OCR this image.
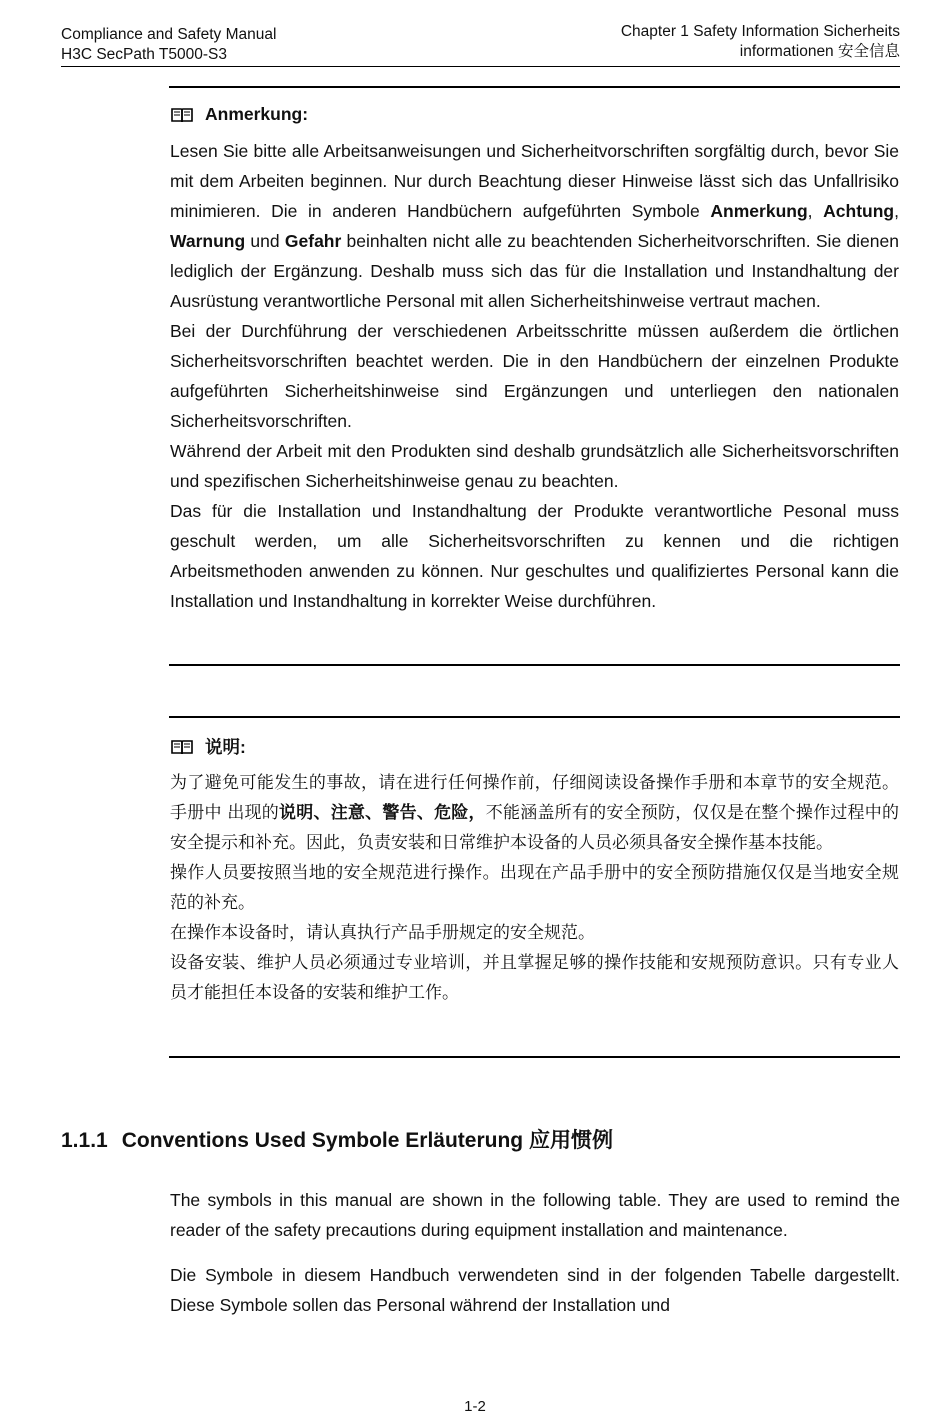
Compliance and Safety Manual
H3C SecPath T5000-S3
Chapter 1 Safety Information Sicherheits
informationen 安全信息
Anmerkung:

Lesen Sie bitte alle Arbeitsanweisungen und Sicherheitvorschriften sorgfältig durch, bevor Sie mit dem Arbeiten beginnen. Nur durch Beachtung dieser Hinweise lässt sich das Unfallrisiko minimieren. Die in anderen Handbüchern aufgeführten Symbole Anmerkung, Achtung, Warnung und Gefahr beinhalten nicht alle zu beachtenden Sicherheitvorschriften. Sie dienen lediglich der Ergänzung. Deshalb muss sich das für die Installation und Instandhaltung der Ausrüstung verantwortliche Personal mit allen Sicherheitshinweise vertraut machen.

Bei der Durchführung der verschiedenen Arbeitsschritte müssen außerdem die örtlichen Sicherheitsvorschriften beachtet werden. Die in den Handbüchern der einzelnen Produkte aufgeführten Sicherheitshinweise sind Ergänzungen und unterliegen den nationalen Sicherheitsvorschriften.

Während der Arbeit mit den Produkten sind deshalb grundsätzlich alle Sicherheitsvorschriften und spezifischen Sicherheitshinweise genau zu beachten.

Das für die Installation und Instandhaltung der Produkte verantwortliche Pesonal muss geschult werden, um alle Sicherheitsvorschriften zu kennen und die richtigen Arbeitsmethoden anwenden zu können. Nur geschultes und qualifiziertes Personal kann die Installation und Instandhaltung in korrekter Weise durchführen.

说明:

为了避免可能发生的事故，请在进行任何操作前，仔细阅读设备操作手册和本章节的安全规范。手册中 出现的说明、注意、警告、危险，不能涵盖所有的安全预防，仅仅是在整个操作过程中的安全提示和补充。因此，负责安装和日常维护本设备的人员必须具备安全操作基本技能。

操作人员要按照当地的安全规范进行操作。出现在产品手册中的安全预防措施仅仅是当地安全规范的补充。

在操作本设备时，请认真执行产品手册规定的安全规范。

设备安装、维护人员必须通过专业培训，并且掌握足够的操作技能和安规预防意识。只有专业人员才能担任本设备的安装和维护工作。

1.1.1 Conventions Used Symbole Erläuterung 应用惯例

The symbols in this manual are shown in the following table. They are used to remind the reader of the safety precautions during equipment installation and maintenance.

Die Symbole in diesem Handbuch verwendeten sind in der folgenden Tabelle dargestellt. Diese Symbole sollen das Personal während der Installation und

1-2
